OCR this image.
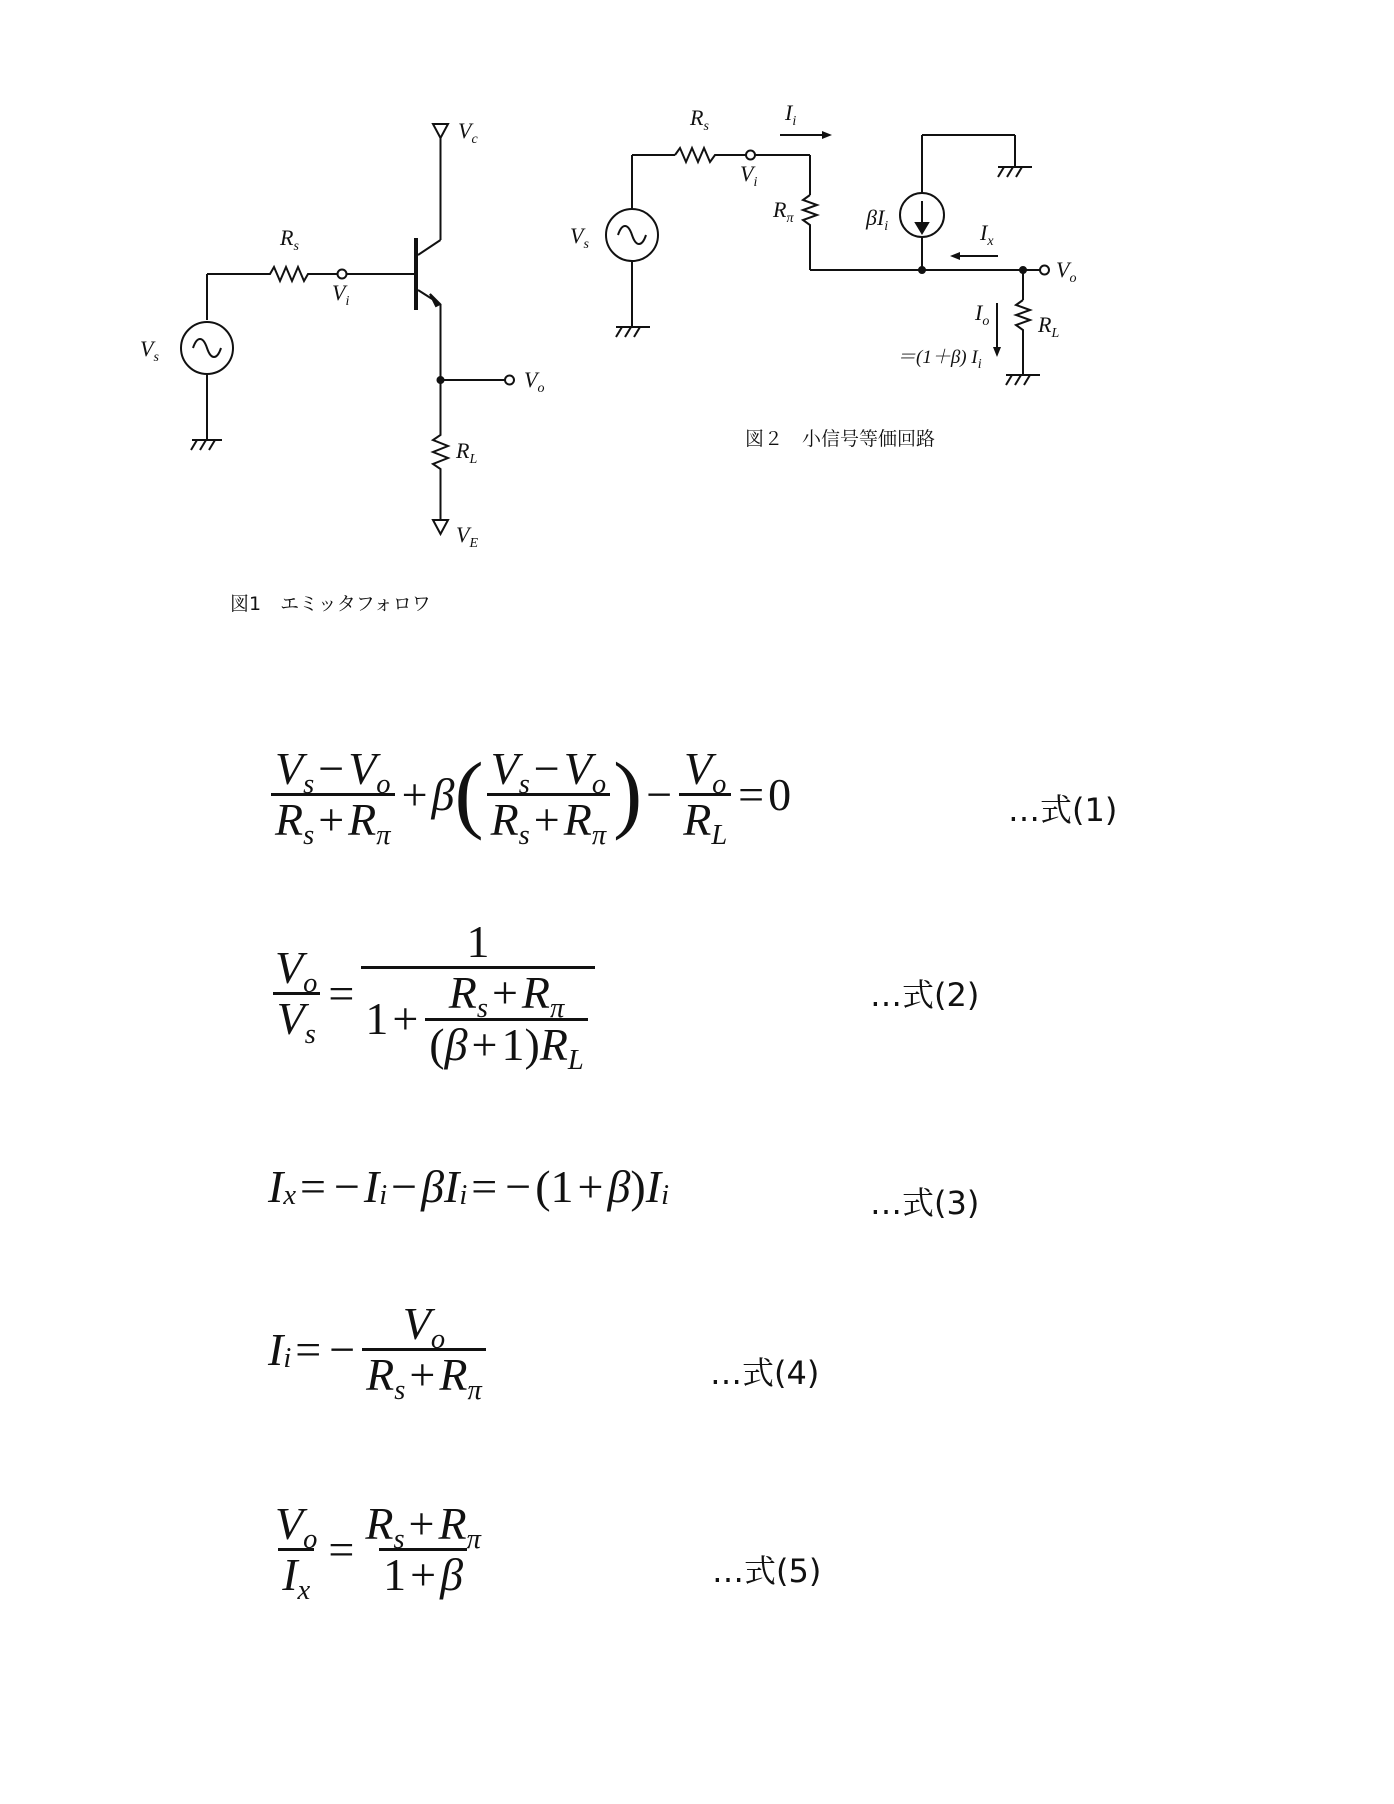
$V_c$
$R_s$
$V_i$
$V_s$
$V_o$
$R_L$
$V_E$
図1　エミッタフォロワ
$R_s$
$I_i$
$V_i$
$V_s$
$R_\pi$	$\beta I_i$	$I_x$
$V_o$
$I_o$ $R_L$
＝(1＋β) $I_i$
図２　小信号等価回路
$\frac{Vs-Vo}{Rs+R\pi} + \beta$ ( $\frac{Vs-Vo}{Rs+R\pi}$ ) − $\frac{Vo}{RL} = 0$	…式(1)
$\frac{Vo}{Vs} = \frac{1}{1 + \frac{Rs+R\pi}{(\beta+1)RL}}$	…式(2)
I x = − I i − βI i = − (1 + β ) I i	…式(3)
I i = − $\frac{Vo}{Rs+R\pi}$	…式(4)
$\frac{Vo}{Ix} = \frac{Rs+R\pi}{1+\beta}$	…式(5)
